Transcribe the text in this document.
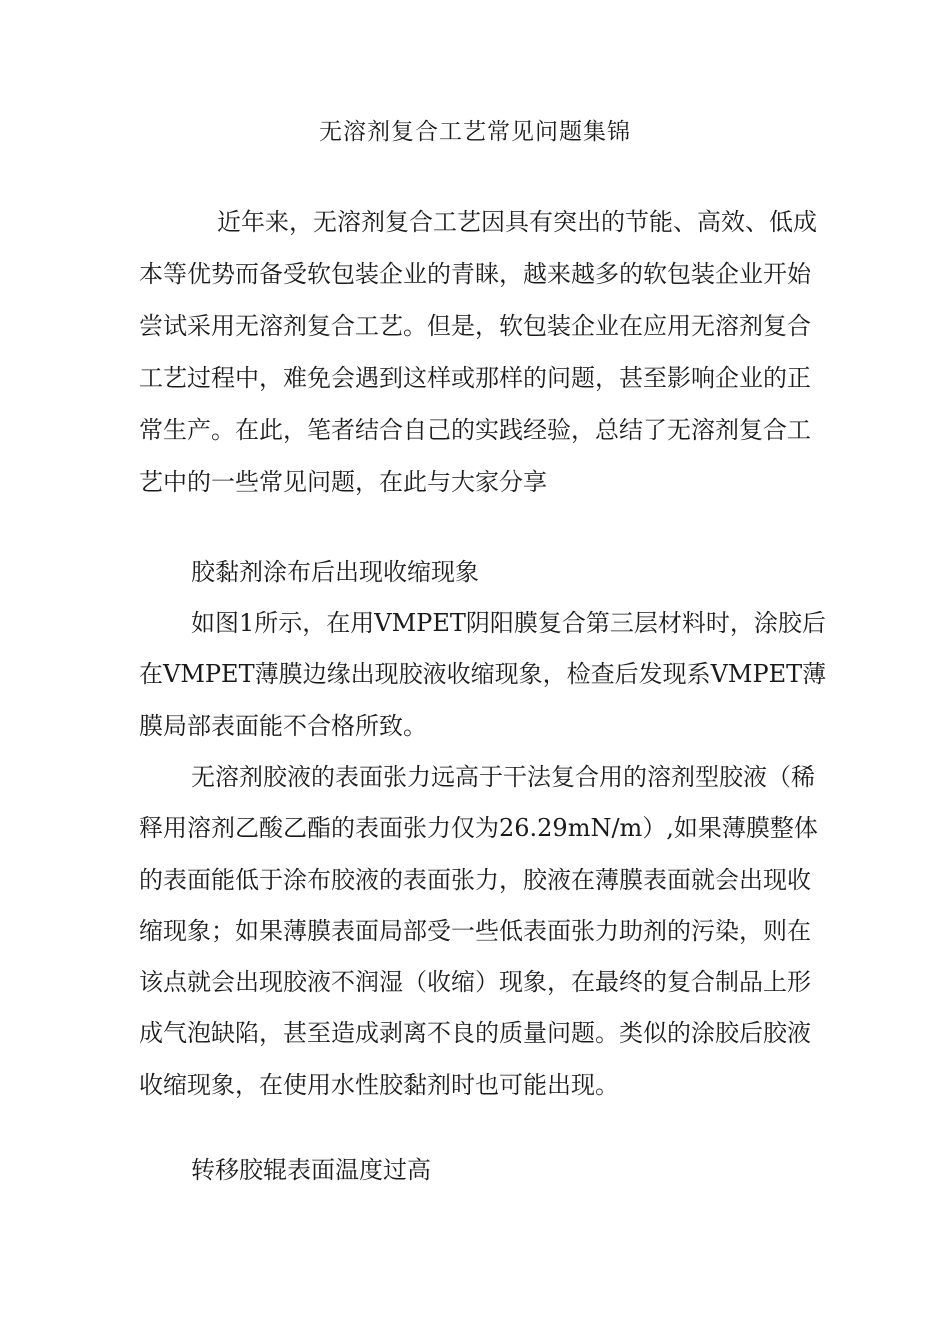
无溶剂复合工艺常见问题集锦

近年来，无溶剂复合工艺因具有突出的节能、高效、低成本等优势而备受软包装企业的青睐，越来越多的软包装企业开始尝试采用无溶剂复合工艺。但是，软包装企业在应用无溶剂复合工艺过程中，难免会遇到这样或那样的问题，甚至影响企业的正常生产。在此，笔者结合自己的实践经验，总结了无溶剂复合工艺中的一些常见问题，在此与大家分享

胶黏剂涂布后出现收缩现象

如图1所示，在用VMPET阴阳膜复合第三层材料时，涂胶后在VMPET薄膜边缘出现胶液收缩现象，检查后发现系VMPET薄膜局部表面能不合格所致。

无溶剂胶液的表面张力远高于干法复合用的溶剂型胶液（稀释用溶剂乙酸乙酯的表面张力仅为26.29mN/m）,如果薄膜整体的表面能低于涂布胶液的表面张力，胶液在薄膜表面就会出现收缩现象；如果薄膜表面局部受一些低表面张力助剂的污染，则在该点就会出现胶液不润湿（收缩）现象，在最终的复合制品上形成气泡缺陷，甚至造成剥离不良的质量问题。类似的涂胶后胶液收缩现象，在使用水性胶黏剂时也可能出现。

转移胶辊表面温度过高
